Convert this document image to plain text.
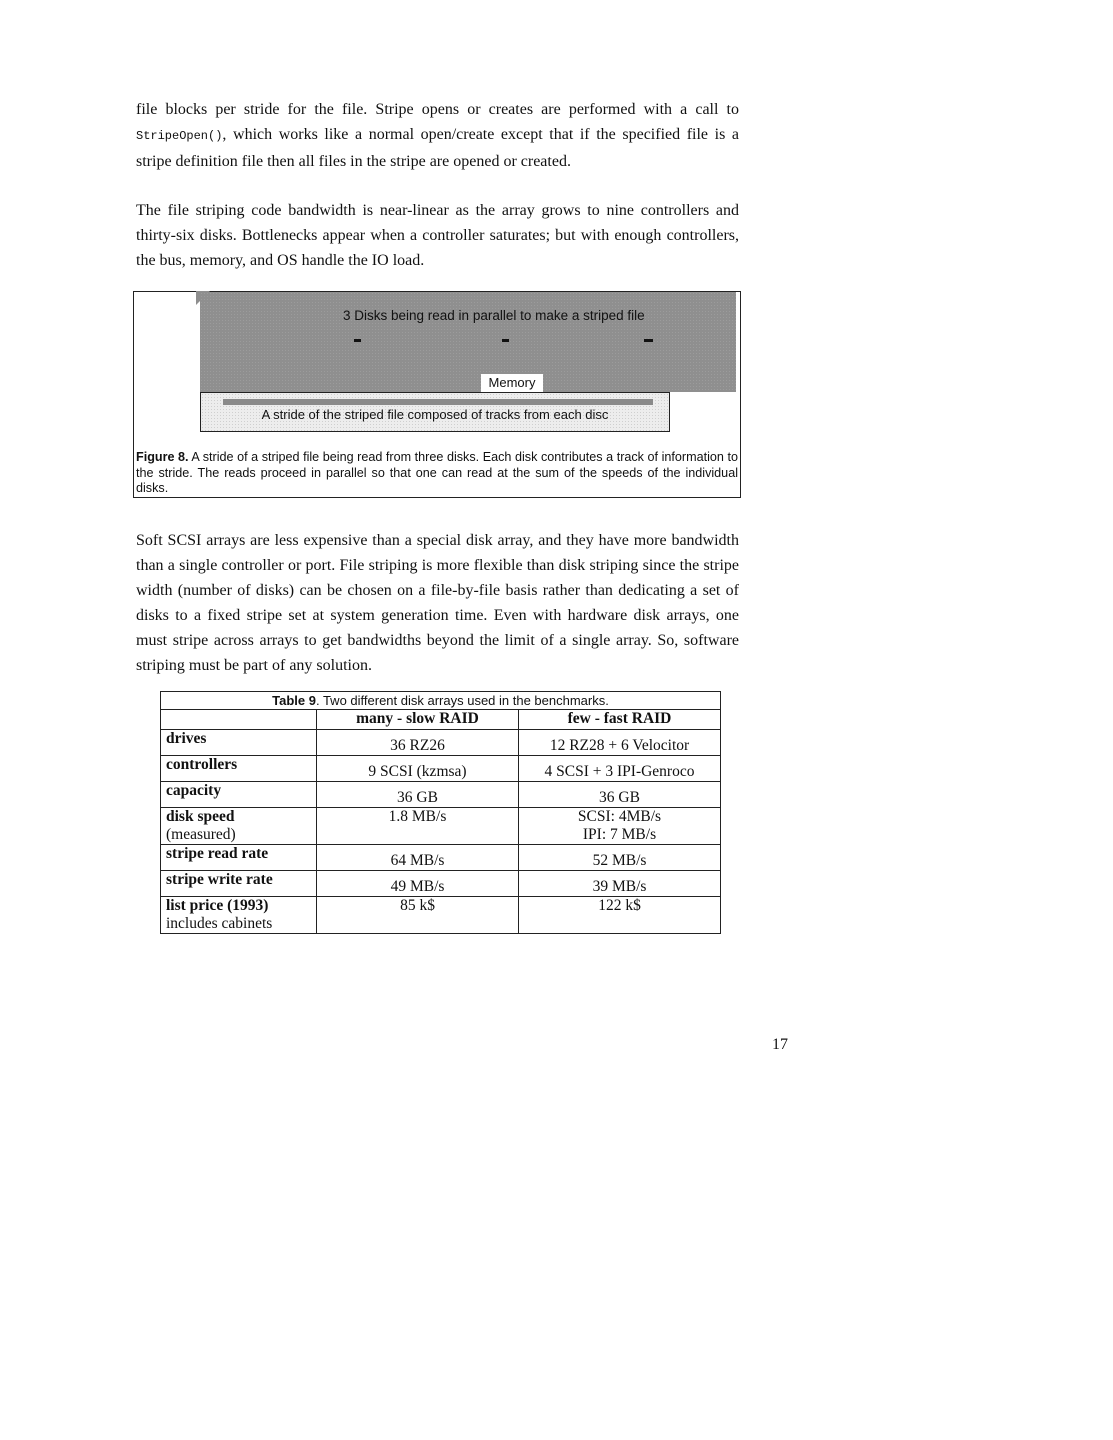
file blocks per stride for the file. Stripe opens or creates are performed with a call to StripeOpen(), which works like a normal open/create except that if the specified file is a stripe definition file then all files in the stripe are opened or created.

The file striping code bandwidth is near-linear as the array grows to nine controllers and thirty-six disks. Bottlenecks appear when a controller saturates; but with enough controllers, the bus, memory, and OS handle the IO load.

3 Disks being read in parallel to make a striped file
Memory
A stride of the striped file composed of tracks from each disc

Figure 8. A stride of a striped file being read from three disks. Each disk contributes a track of information to the stride. The reads proceed in parallel so that one can read at the sum of the speeds of the individual disks.

Soft SCSI arrays are less expensive than a special disk array, and they have more bandwidth than a single controller or port. File striping is more flexible than disk striping since the stripe width (number of disks) can be chosen on a file-by-file basis rather than dedicating a set of disks to a fixed stripe set at system generation time. Even with hardware disk arrays, one must stripe across arrays to get bandwidths beyond the limit of a single array. So, software striping must be part of any solution.

Table 9. Two different disk arrays used in the benchmarks.		
	many - slow RAID	few - fast RAID
drives	36 RZ26	12 RZ28 + 6 Velocitor
controllers	9 SCSI (kzmsa)	4 SCSI + 3 IPI-Genroco
capacity	36 GB	36 GB
disk speed
(measured)	1.8 MB/s	SCSI: 4MB/s
IPI: 7 MB/s

stripe read rate	64 MB/s	52 MB/s
stripe write rate	49 MB/s	39 MB/s
list price (1993)
includes cabinets	85 k$	122 k$
17
